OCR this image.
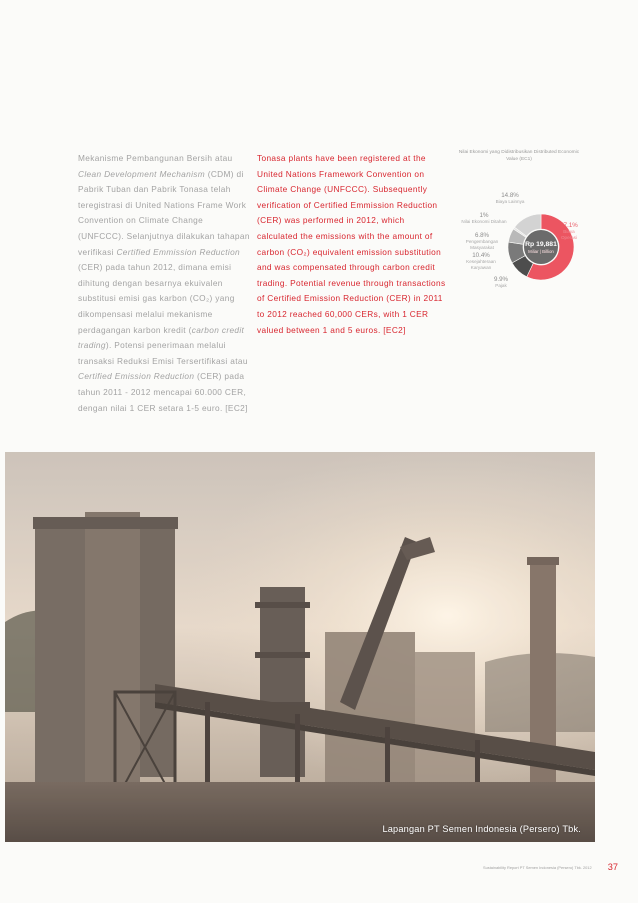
Mekanisme Pembangunan Bersih atau Clean Development Mechanism (CDM) di Pabrik Tuban dan Pabrik Tonasa telah teregistrasi di United Nations Frame Work Convention on Climate Change (UNFCCC). Selanjutnya dilakukan tahapan verifikasi Certified Emmission Reduction (CER) pada tahun 2012, dimana emisi dihitung dengan besarnya ekuivalen substitusi emisi gas karbon (CO₂) yang dikompensasi melalui mekanisme perdagangan karbon kredit (carbon credit trading). Potensi penerimaan melalui transaksi Reduksi Emisi Tersertifikasi atau Certified Emission Reduction (CER) pada tahun 2011 - 2012 mencapai 60.000 CER, dengan nilai 1 CER setara 1-5 euro. [EC2]

Tonasa plants have been registered at the United Nations Framework Convention on Climate Change (UNFCCC). Subsequently verification of Certified Emmission Reduction (CER) was performed in 2012, which calculated the emissions with the amount of carbon (CO₂) equivalent emission substitution and was compensated through carbon credit trading. Potential revenue through transactions of Certified Emission Reduction (CER) in 2011 to 2012 reached 60,000 CERs, with 1 CER valued between 1 and 5 euros. [EC2]

Nilai Ekonomi yang Didistribusikan Distributed Economic Value (EC1)
14.8%
Biaya Lainnya
1%
Nilai Ekonomi Ditahan
6.8%
Pengembangan Masyarakat
10.4%
Kesejahteraan Karyawan
9.9%
Pajak
57.1%
Biaya Operasi
Rp 19,881
Miliar | Billion
Lapangan PT Semen Indonesia (Persero) Tbk.
Sustainability Report PT Semen Indonesia (Persero) Tbk. 2012 37
